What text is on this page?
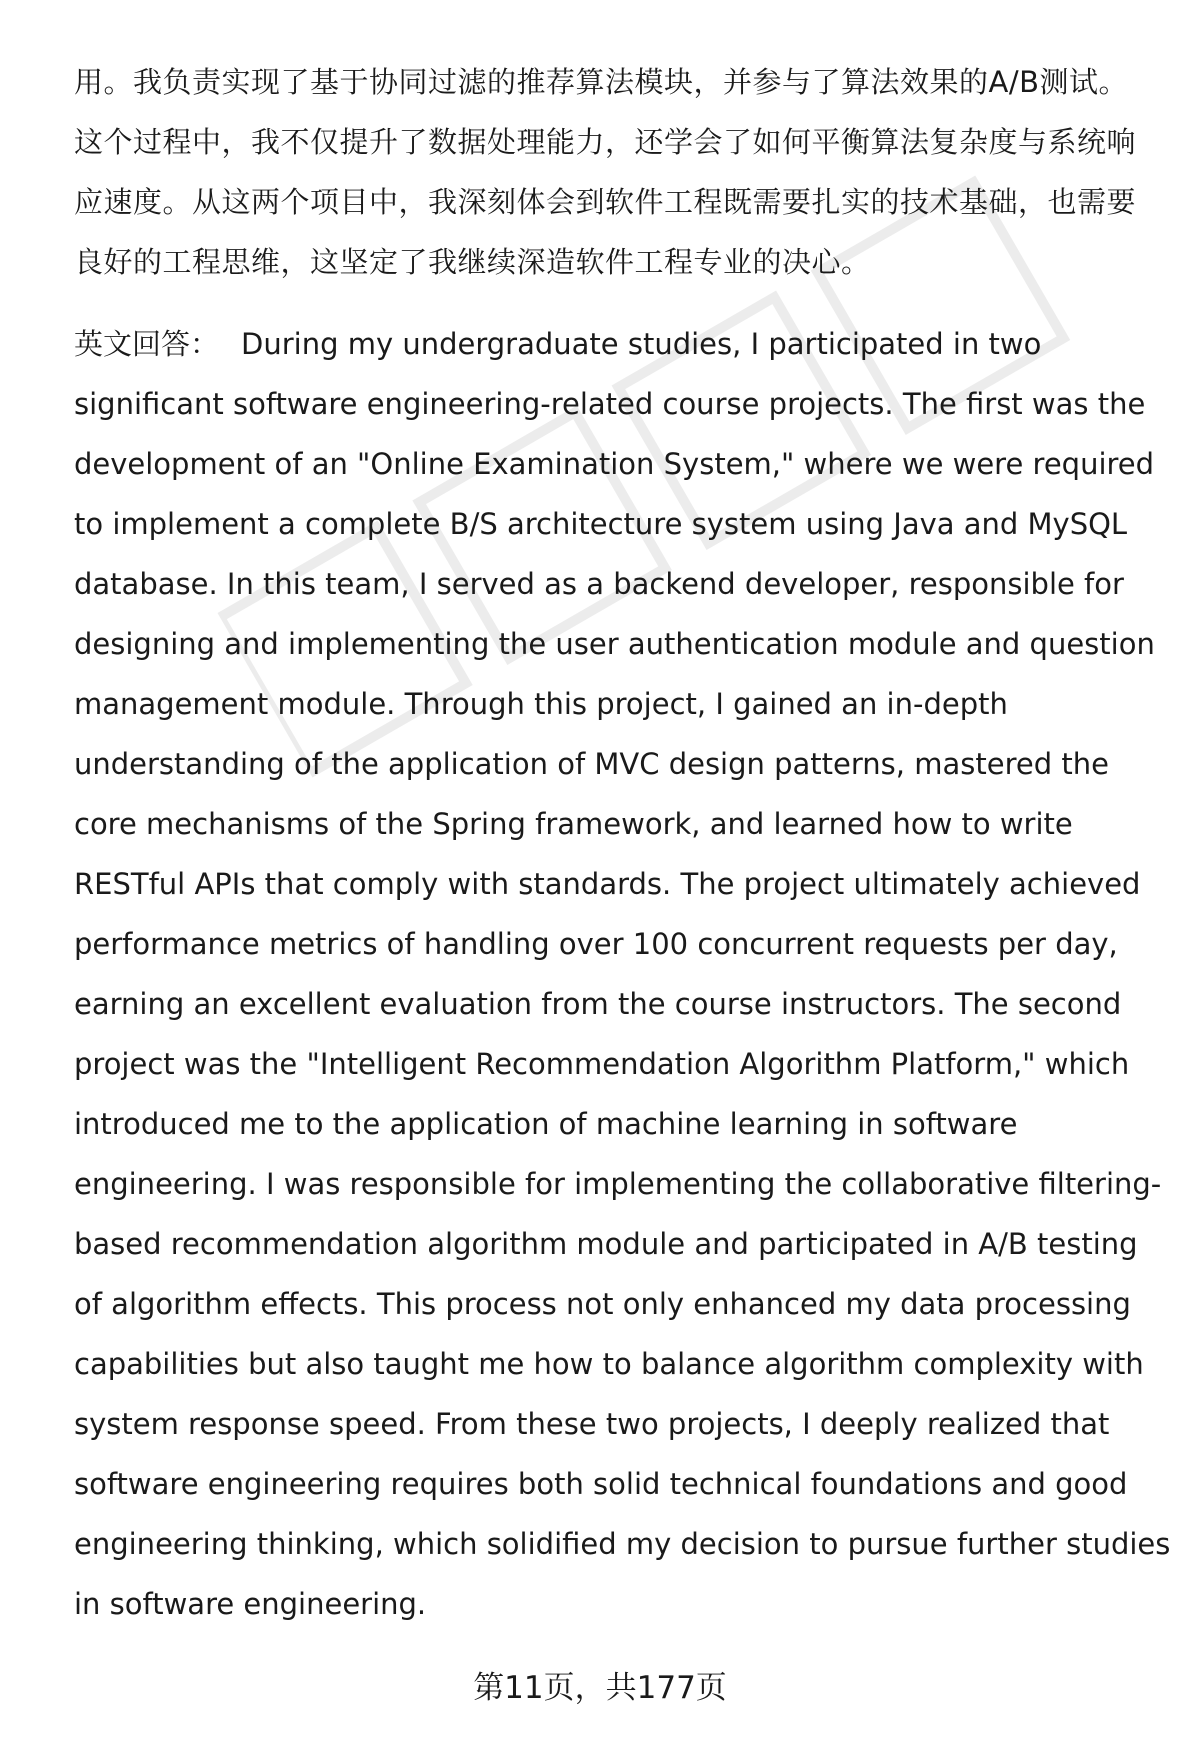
用。我负责实现了基于协同过滤的推荐算法模块，并参与了算法效果的A/B测试。
这个过程中，我不仅提升了数据处理能力，还学会了如何平衡算法复杂度与系统响
应速度。从这两个项目中，我深刻体会到软件工程既需要扎实的技术基础，也需要
良好的工程思维，这坚定了我继续深造软件工程专业的决心。

英文回答： During my undergraduate studies, I participated in two
significant software engineering-related course projects. The first was the
development of an "Online Examination System," where we were required
to implement a complete B/S architecture system using Java and MySQL
database. In this team, I served as a backend developer, responsible for
designing and implementing the user authentication module and question
management module. Through this project, I gained an in-depth
understanding of the application of MVC design patterns, mastered the
core mechanisms of the Spring framework, and learned how to write
RESTful APIs that comply with standards. The project ultimately achieved
performance metrics of handling over 100 concurrent requests per day,
earning an excellent evaluation from the course instructors. The second
project was the "Intelligent Recommendation Algorithm Platform," which
introduced me to the application of machine learning in software
engineering. I was responsible for implementing the collaborative filtering-
based recommendation algorithm module and participated in A/B testing
of algorithm effects. This process not only enhanced my data processing
capabilities but also taught me how to balance algorithm complexity with
system response speed. From these two projects, I deeply realized that
software engineering requires both solid technical foundations and good
engineering thinking, which solidified my decision to pursue further studies
in software engineering.

第11页，共177页
